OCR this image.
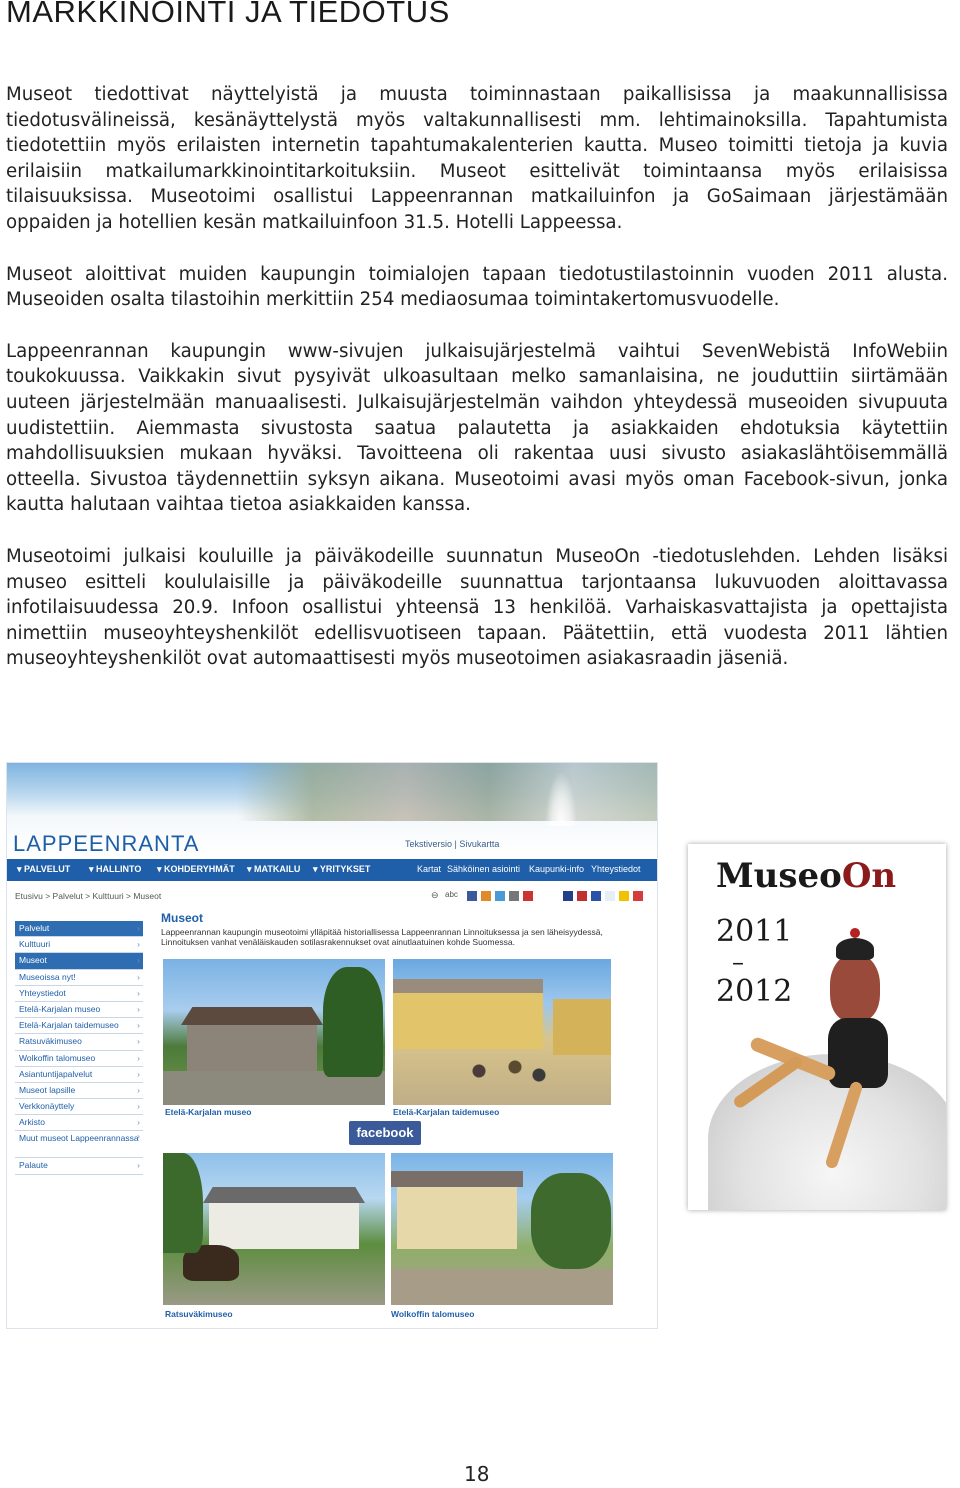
MARKKINOINTI JA TIEDOTUS

Museot tiedottivat näyttelyistä ja muusta toiminnastaan paikallisissa ja maakunnallisissa tiedotusvälineissä, kesänäyttelystä myös valtakunnallisesti mm. lehtimainoksilla. Tapahtumista tiedotettiin myös erilaisten internetin tapahtumakalenterien kautta. Museo toimitti tietoja ja kuvia erilaisiin matkailumarkkinointitarkoituksiin. Museot esittelivät toimintaansa myös erilaisissa tilaisuuksissa. Museotoimi osallistui Lappeenrannan matkailuinfon ja GoSaimaan järjestämään oppaiden ja hotellien kesän matkailuinfoon 31.5. Hotelli Lappeessa.

Museot aloittivat muiden kaupungin toimialojen tapaan tiedotustilastoinnin vuoden 2011 alusta. Museoiden osalta tilastoihin merkittiin 254 mediaosumaa toimintakertomusvuodelle.

Lappeenrannan kaupungin www-sivujen julkaisujärjestelmä vaihtui SevenWebistä InfoWebiin toukokuussa. Vaikkakin sivut pysyivät ulkoasultaan melko samanlaisina, ne jouduttiin siirtämään uuteen järjestelmään manuaalisesti. Julkaisujärjestelmän vaihdon yhteydessä museoiden sivupuuta uudistettiin. Aiemmasta sivustosta saatua palautetta ja asiakkaiden ehdotuksia käytettiin mahdollisuuksien mukaan hyväksi. Tavoitteena oli rakentaa uusi sivusto asiakaslähtöisemmällä otteella. Sivustoa täydennettiin syksyn aikana. Museotoimi avasi myös oman Facebook-sivun, jonka kautta halutaan vaihtaa tietoa asiakkaiden kanssa.

Museotoimi julkaisi kouluille ja päiväkodeille suunnatun MuseoOn -tiedotuslehden. Lehden lisäksi museo esitteli koululaisille ja päiväkodeille suunnattua tarjontaansa lukuvuoden aloittavassa infotilaisuudessa 20.9. Infoon osallistui yhteensä 13 henkilöä. Varhaiskasvattajista ja opettajista nimettiin museoyhteyshenkilöt edellisvuotiseen tapaan. Päätettiin, että vuodesta 2011 lähtien museoyhteyshenkilöt ovat automaattisesti myös museotoimen asiakasraadin jäseniä.

LAPPEENRANTA	Tekstiversio | Sivukartta
▾ PALVELUT ▾ HALLINTO ▾ KOHDERYHMÄT ▾ MATKAILU ▾ YRITYKSET	Kartat Sähköinen asiointi Kaupunki-info Yhteystiedot
Etusivu > Palvelut > Kulttuuri > Museot	⊖ abc
Palvelut ›
Kulttuuri ›
Museot ›
Museoissa nyt! ›
Yhteystiedot ›
Etelä-Karjalan museo ›
Etelä-Karjalan taidemuseo ›
Ratsuväkimuseo ›
Wolkoffin talomuseo ›
Asiantuntijapalvelut ›
Museot lapsille ›
Verkkonäyttely ›
Arkisto ›
Muut museot Lappeenrannassa ›
Palaute ›
Museot
Lappeenrannan kaupungin museotoimi ylläpitää historiallisessa Lappeenrannan Linnoituksessa ja sen läheisyydessä, Linnoituksen vanhat venäläiskauden sotilasrakennukset ovat ainutlaatuinen kohde Suomessa.
Etelä-Karjalan museo	Etelä-Karjalan taidemuseo
facebook
Ratsuväkimuseo	Wolkoffin talomuseo
MuseoOn
2011
–
2012
18
